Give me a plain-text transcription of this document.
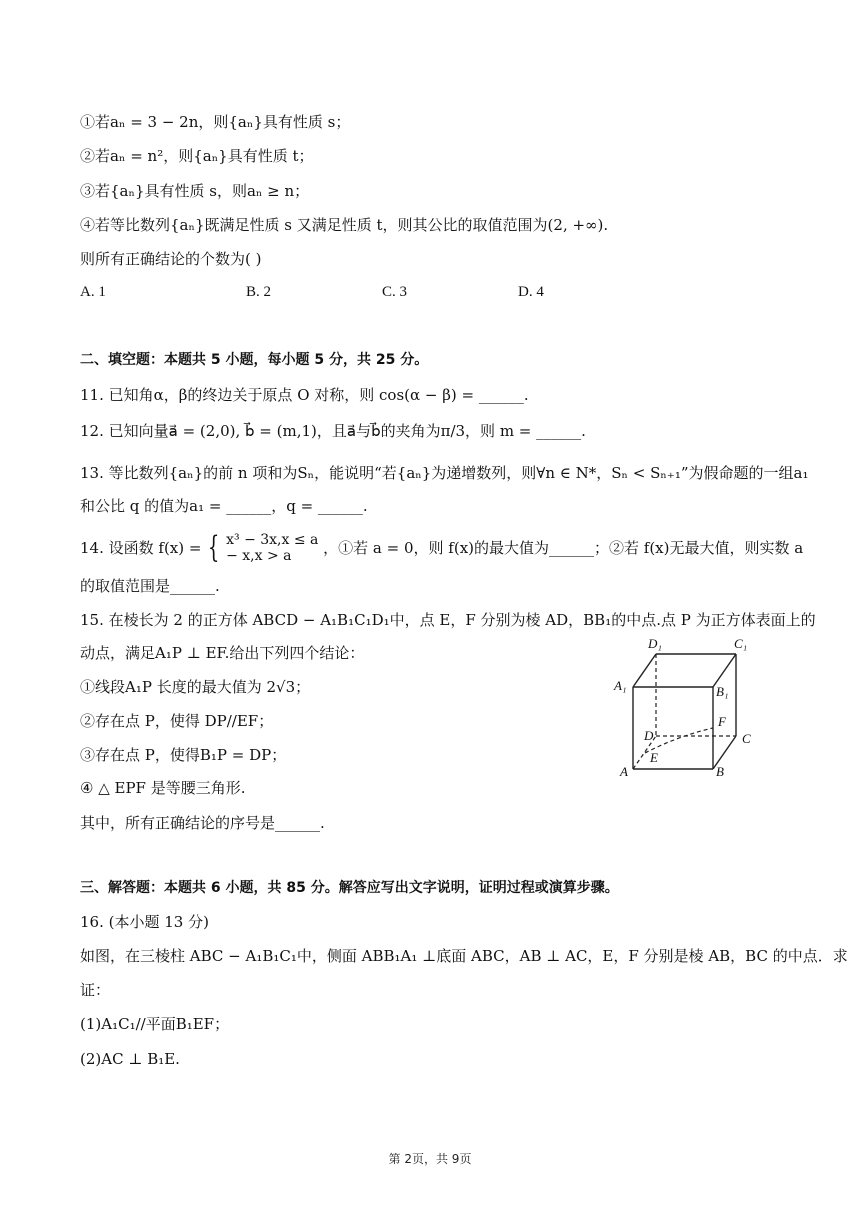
①若aₙ = 3 − 2n，则{aₙ}具有性质 s；
②若aₙ = n²，则{aₙ}具有性质 t；
③若{aₙ}具有性质 s，则aₙ ≥ n；
④若等比数列{aₙ}既满足性质 s 又满足性质 t，则其公比的取值范围为(2, +∞).
则所有正确结论的个数为( )
A. 1	B. 2	C. 3	D. 4
二、填空题：本题共 5 小题，每小题 5 分，共 25 分。
11. 已知角α，β的终边关于原点 O 对称，则 cos(α − β) = ______.
12. 已知向量a⃗ = (2,0), b⃗ = (m,1)，且a⃗与b⃗的夹角为π/3，则 m = ______.
13. 等比数列{aₙ}的前 n 项和为Sₙ，能说明“若{aₙ}为递增数列，则∀n ∈ N*，Sₙ < Sₙ₊₁”为假命题的一组a₁
和公比 q 的值为a₁ = ______，q = ______.
14. 设函数 f(x) = { x³ − 3x,x ≤ a
− x,x > a	，①若 a = 0，则 f(x)的最大值为______；②若 f(x)无最大值，则实数 a
的取值范围是______.
15. 在棱长为 2 的正方体 ABCD − A₁B₁C₁D₁中，点 E，F 分别为棱 AD，BB₁的中点.点 P 为正方体表面上的
动点，满足A₁P ⊥ EF.给出下列四个结论：
①线段A₁P 长度的最大值为 2√3；
②存在点 P，使得 DP//EF；
③存在点 P，使得B₁P = DP；
④ △ EPF 是等腰三角形.
其中，所有正确结论的序号是______.
D₁	C₁
A₁	B₁
F
D	C
E
A	B
三、解答题：本题共 6 小题，共 85 分。解答应写出文字说明，证明过程或演算步骤。
16. (本小题 13 分)
如图，在三棱柱 ABC − A₁B₁C₁中，侧面 ABB₁A₁ ⊥底面 ABC，AB ⊥ AC，E，F 分别是棱 AB，BC 的中点．求
证：
(1)A₁C₁//平面B₁EF；
(2)AC ⊥ B₁E.
第 2页，共 9页
